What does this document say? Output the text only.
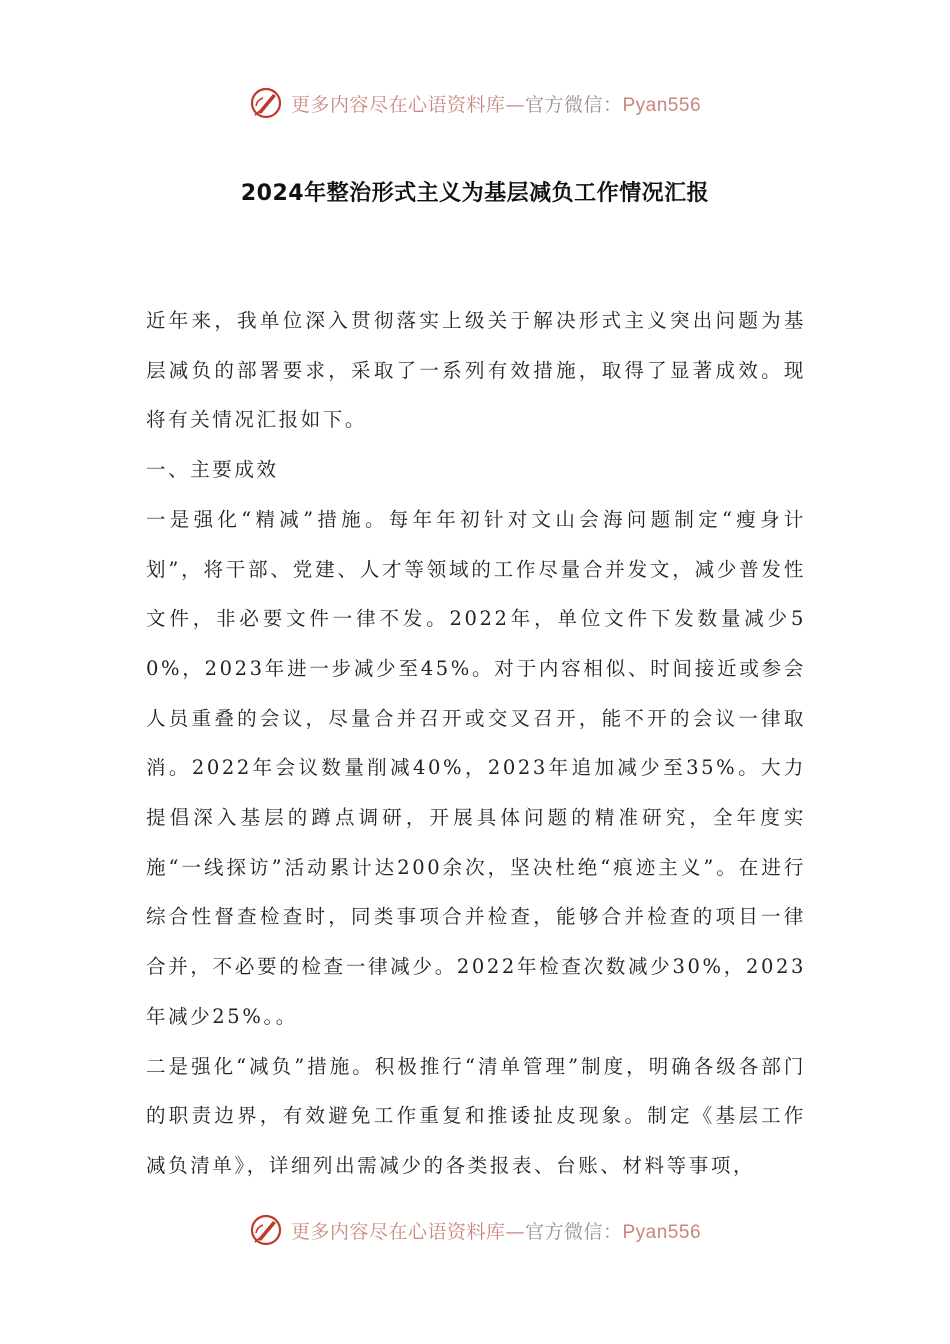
更多内容尽在心语资料库—官方微信：Pyan556
2024年整治形式主义为基层减负工作情况汇报

近年来，我单位深入贯彻落实上级关于解决形式主义突出问题为基层减负的部署要求，采取了一系列有效措施，取得了显著成效。现将有关情况汇报如下。

一、主要成效

一是强化“精减”措施。每年年初针对文山会海问题制定“瘦身计划”，将干部、党建、人才等领域的工作尽量合并发文，减少普发性文件，非必要文件一律不发。2022年，单位文件下发数量减少50%，2023年进一步减少至45%。对于内容相似、时间接近或参会人员重叠的会议，尽量合并召开或交叉召开，能不开的会议一律取消。2022年会议数量削减40%，2023年追加减少至35%。大力提倡深入基层的蹲点调研，开展具体问题的精准研究，全年度实施“一线探访”活动累计达200余次，坚决杜绝“痕迹主义”。在进行综合性督查检查时，同类事项合并检查，能够合并检查的项目一律合并，不必要的检查一律减少。2022年检查次数减少30%，2023年减少25%。。

二是强化“减负”措施。积极推行“清单管理”制度，明确各级各部门的职责边界，有效避免工作重复和推诿扯皮现象。制定《基层工作减负清单》，详细列出需减少的各类报表、台账、材料等事项，

更多内容尽在心语资料库—官方微信：Pyan556
